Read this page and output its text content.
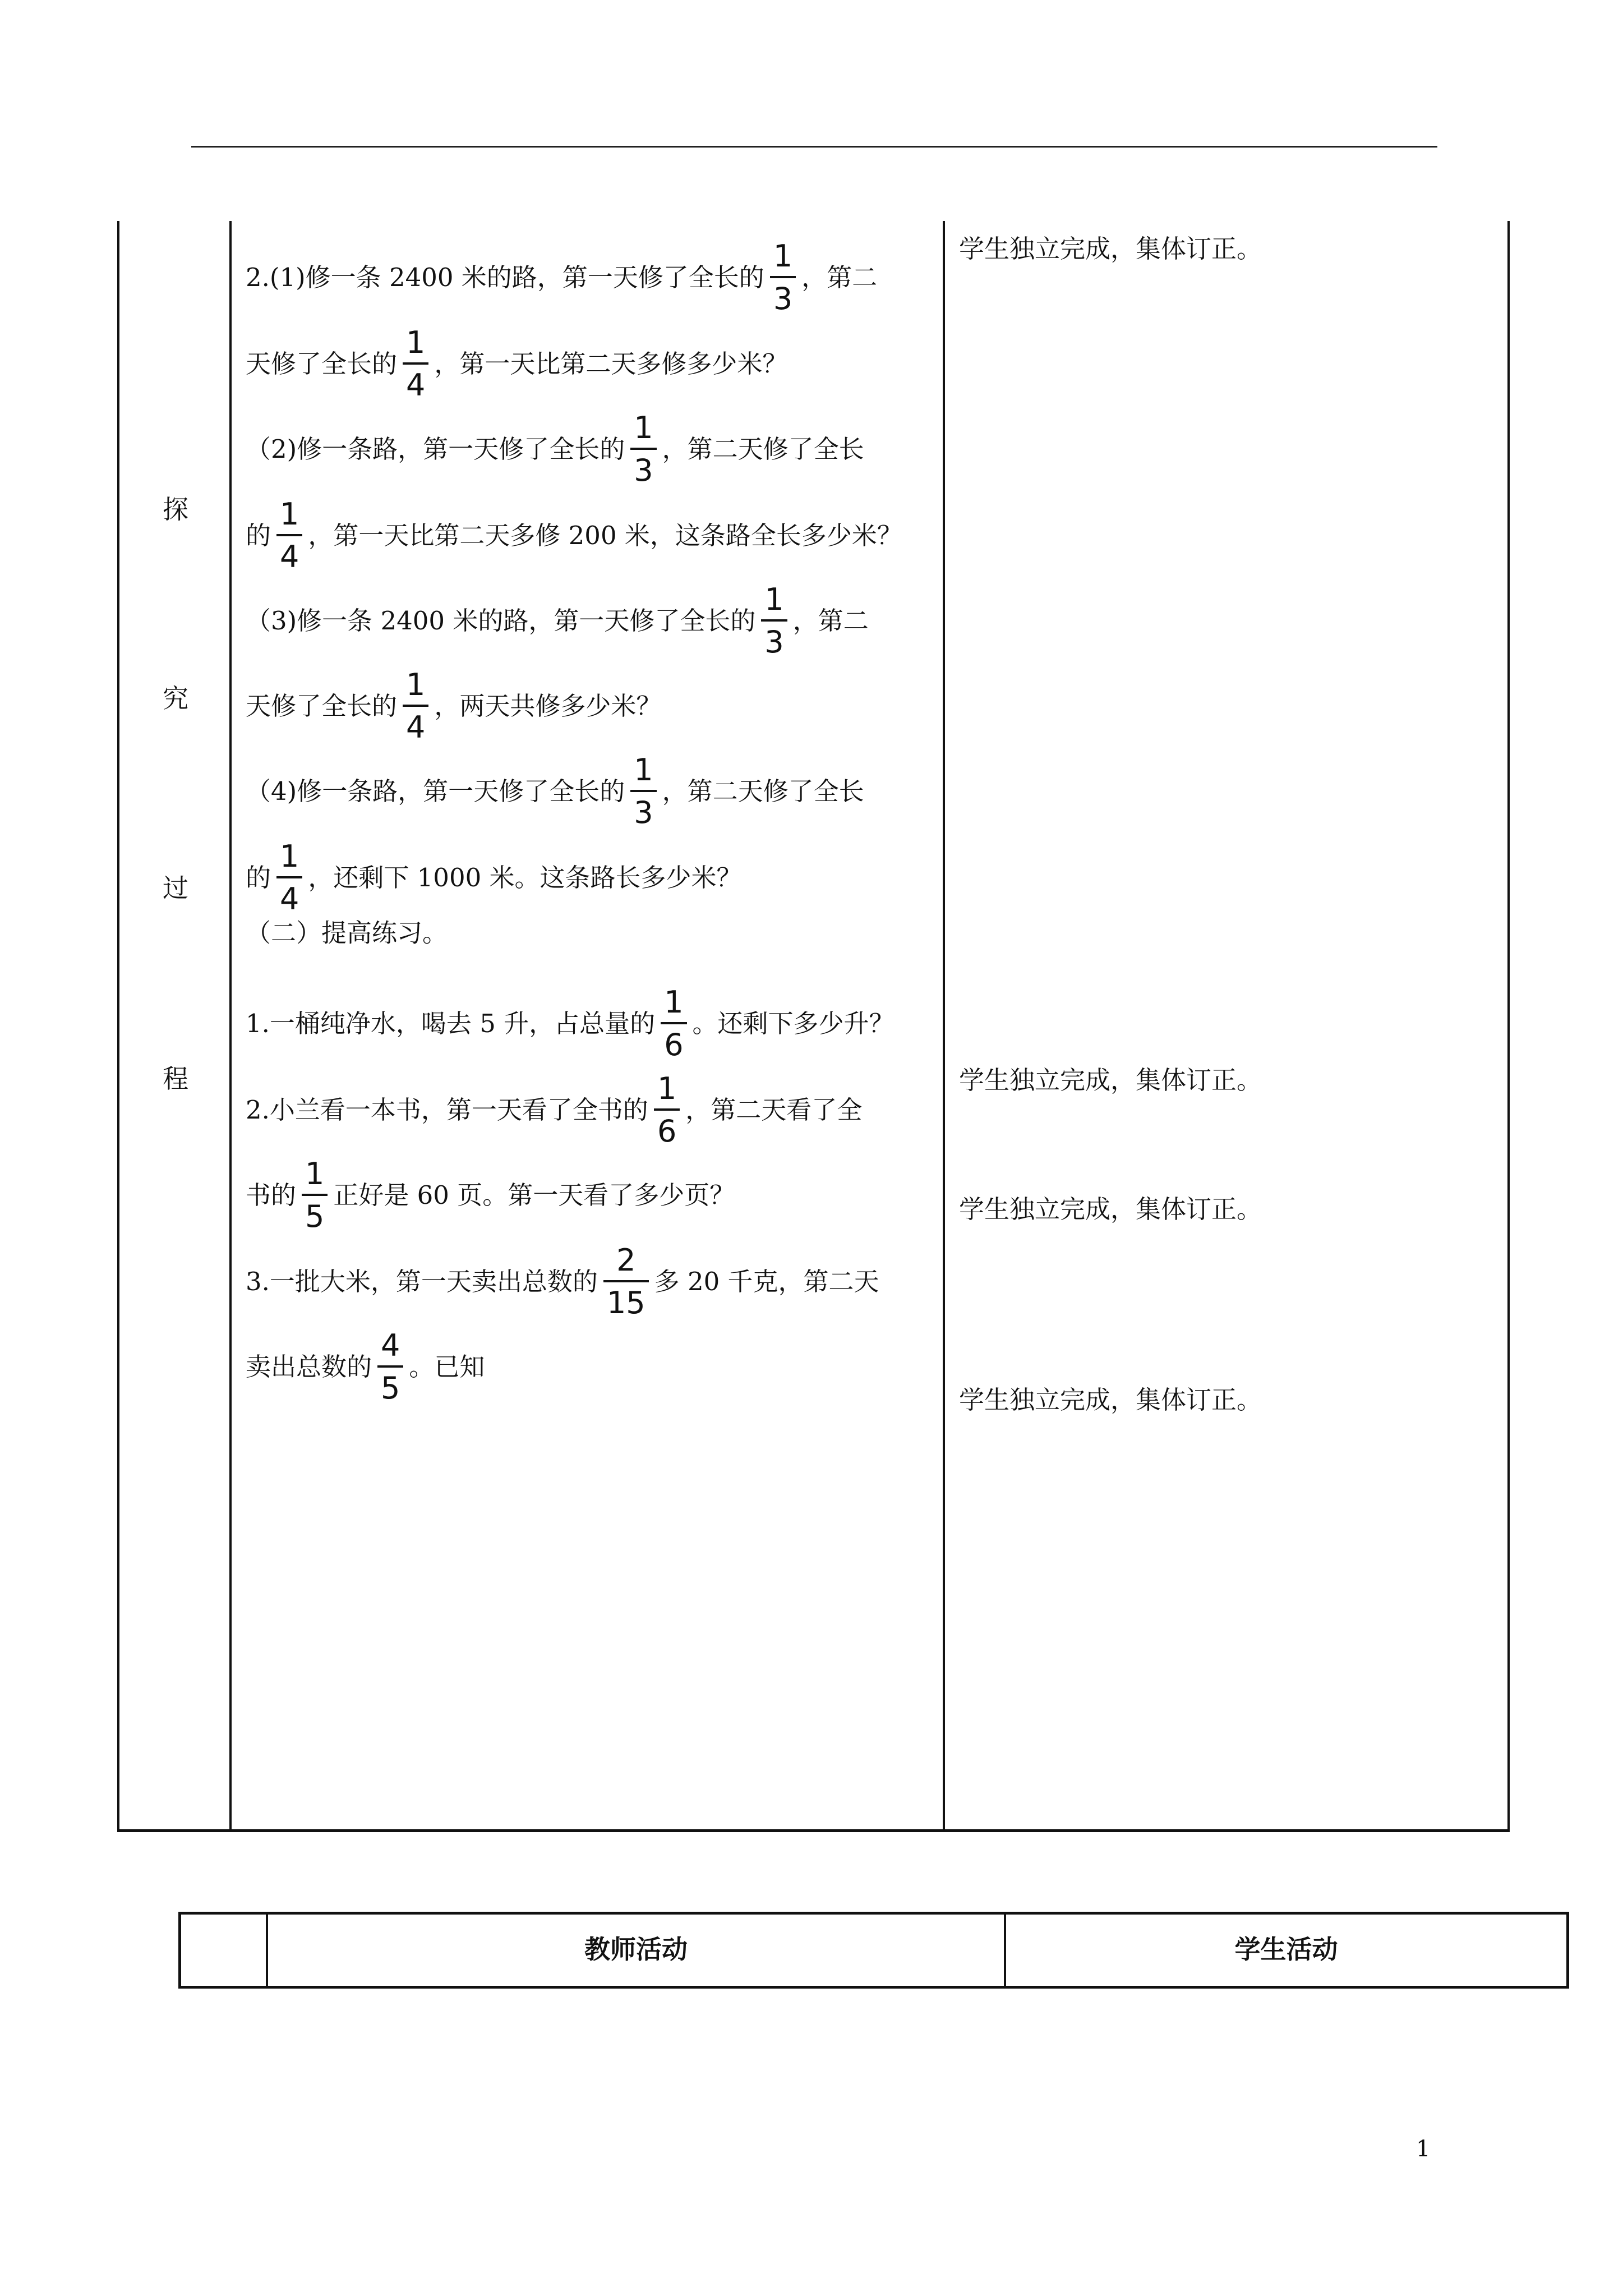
探
究
过
程
2.(1)修一条 2400 米的路，第一天修了全长的 $\frac{1}{3}$ ，第二
天修了全长的 $\frac{1}{4}$ ，第一天比第二天多修多少米？
（2)修一条路，第一天修了全长的 $\frac{1}{3}$ ，第二天修了全长
的 $\frac{1}{4}$ ，第一天比第二天多修 200 米，这条路全长多少米？
（3)修一条 2400 米的路，第一天修了全长的 $\frac{1}{3}$ ，第二
天修了全长的 $\frac{1}{4}$ ，两天共修多少米？
（4)修一条路，第一天修了全长的 $\frac{1}{3}$ ，第二天修了全长
的 $\frac{1}{4}$ ，还剩下 1000 米。这条路长多少米？
（二）提高练习。
1.一桶纯净水，喝去 5 升，占总量的 $\frac{1}{6}$ 。还剩下多少升？
2.小兰看一本书，第一天看了全书的 $\frac{1}{6}$ ，第二天看了全
书的 $\frac{1}{5}$ 正好是 60 页。第一天看了多少页？
3.一批大米，第一天卖出总数的 $\frac{2}{15}$ 多 20 千克，第二天
卖出总数的 $\frac{4}{5}$ 。已知
学生独立完成，集体订正。
学生独立完成，集体订正。
学生独立完成，集体订正。
学生独立完成，集体订正。
教师活动	学生活动
1
